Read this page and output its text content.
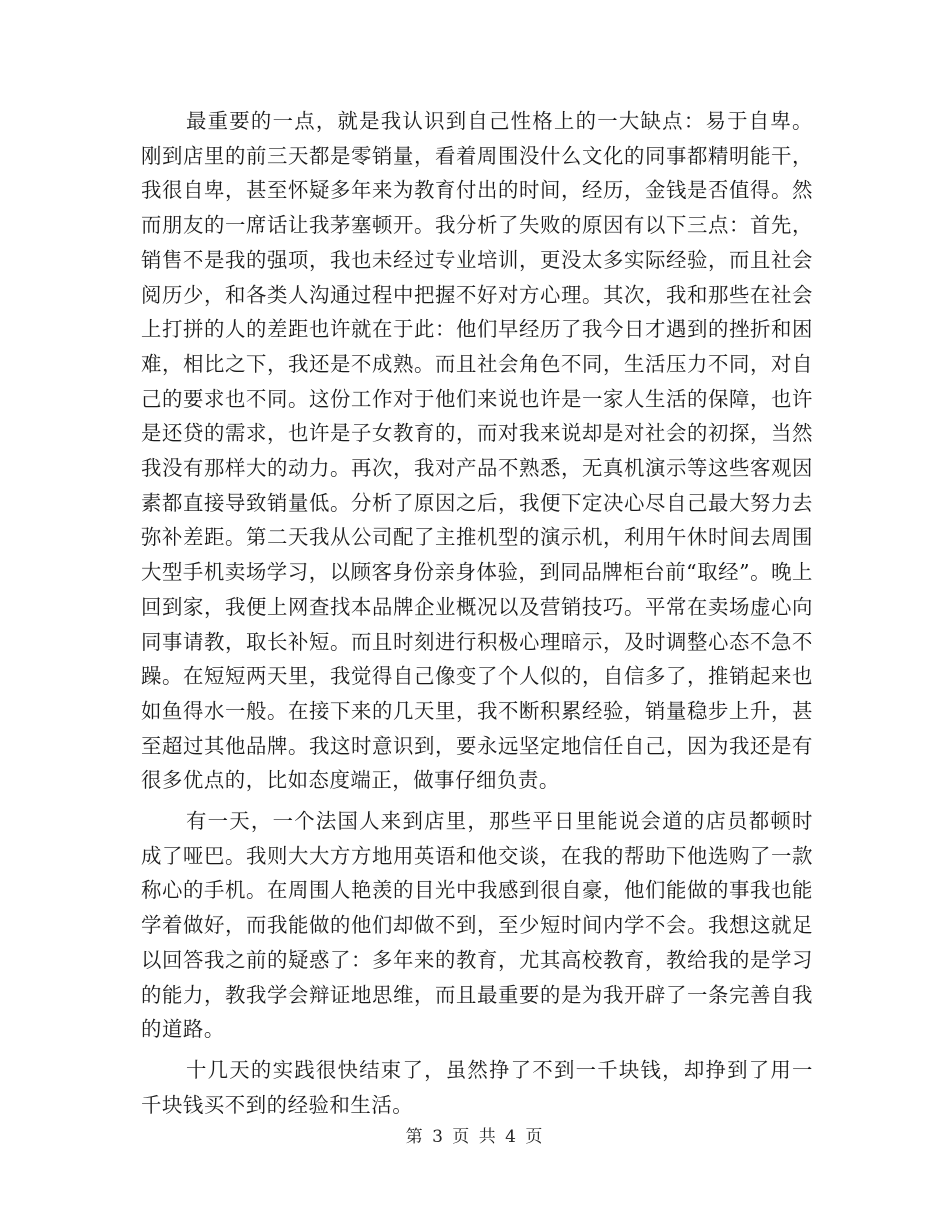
最重要的一点，就是我认识到自己性格上的一大缺点：易于自卑。刚到店里的前三天都是零销量，看着周围没什么文化的同事都精明能干，我很自卑，甚至怀疑多年来为教育付出的时间，经历，金钱是否值得。然而朋友的一席话让我茅塞顿开。我分析了失败的原因有以下三点：首先，销售不是我的强项，我也未经过专业培训，更没太多实际经验，而且社会阅历少，和各类人沟通过程中把握不好对方心理。其次，我和那些在社会上打拼的人的差距也许就在于此：他们早经历了我今日才遇到的挫折和困难，相比之下，我还是不成熟。而且社会角色不同，生活压力不同，对自己的要求也不同。这份工作对于他们来说也许是一家人生活的保障，也许是还贷的需求，也许是子女教育的，而对我来说却是对社会的初探，当然我没有那样大的动力。再次，我对产品不熟悉，无真机演示等这些客观因素都直接导致销量低。分析了原因之后，我便下定决心尽自己最大努力去弥补差距。第二天我从公司配了主推机型的演示机，利用午休时间去周围大型手机卖场学习，以顾客身份亲身体验，到同品牌柜台前“取经”。晚上回到家，我便上网查找本品牌企业概况以及营销技巧。平常在卖场虚心向同事请教，取长补短。而且时刻进行积极心理暗示，及时调整心态不急不躁。在短短两天里，我觉得自己像变了个人似的，自信多了，推销起来也如鱼得水一般。在接下来的几天里，我不断积累经验，销量稳步上升，甚至超过其他品牌。我这时意识到，要永远坚定地信任自己，因为我还是有很多优点的，比如态度端正，做事仔细负责。

有一天，一个法国人来到店里，那些平日里能说会道的店员都顿时成了哑巴。我则大大方方地用英语和他交谈，在我的帮助下他选购了一款称心的手机。在周围人艳羡的目光中我感到很自豪，他们能做的事我也能学着做好，而我能做的他们却做不到，至少短时间内学不会。我想这就足以回答我之前的疑惑了：多年来的教育，尤其高校教育，教给我的是学习的能力，教我学会辩证地思维，而且最重要的是为我开辟了一条完善自我的道路。

十几天的实践很快结束了，虽然挣了不到一千块钱，却挣到了用一千块钱买不到的经验和生活。

第 3 页 共 4 页
